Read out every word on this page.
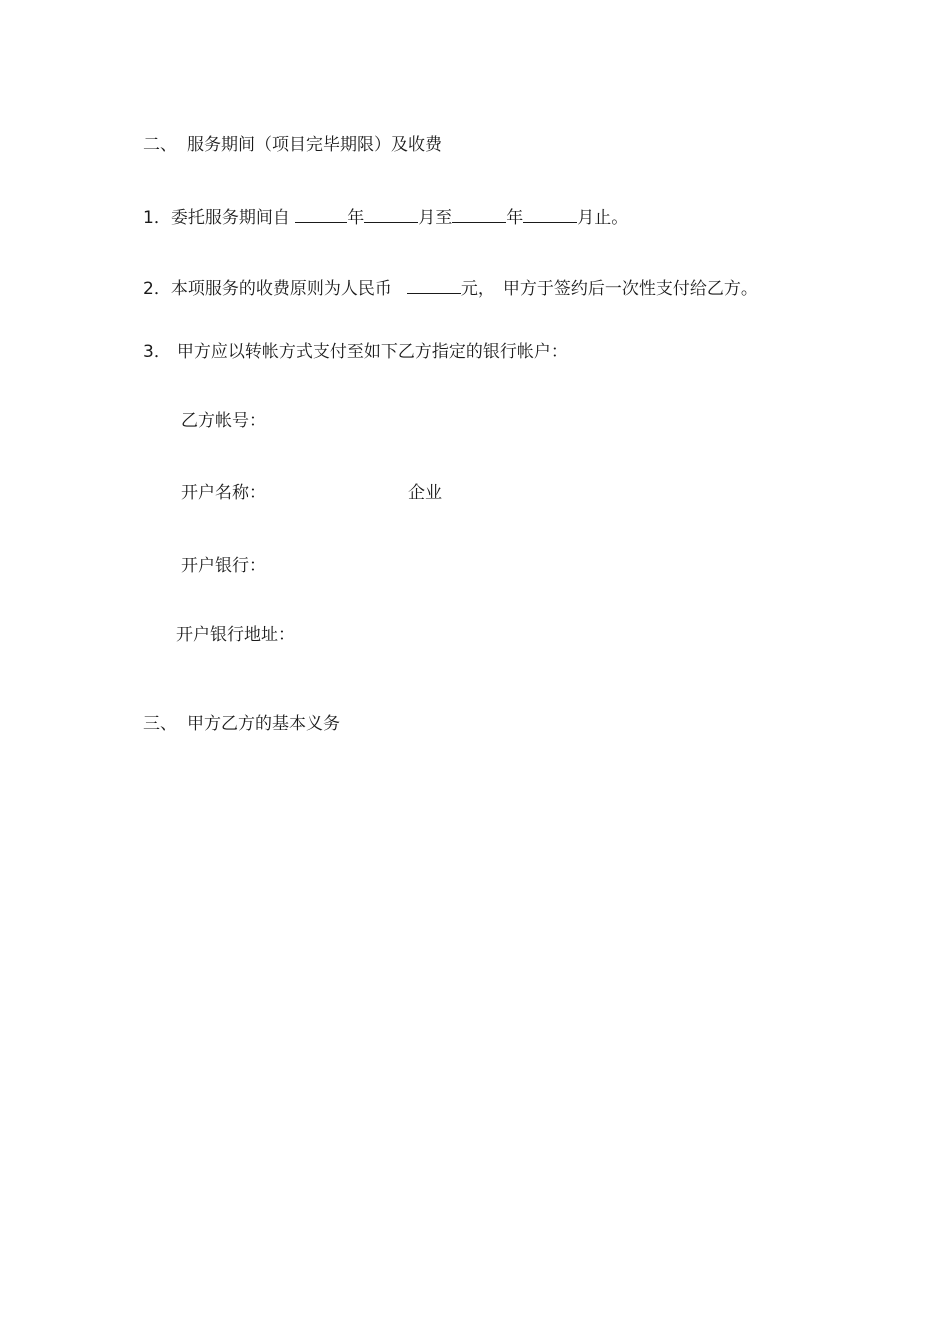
二、 服务期间（项目完毕期限）及收费
1．委托服务期间自	年	月至	年	月止。
2．本项服务的收费原则为人民币	元， 甲方于签约后一次性支付给乙方。
3． 甲方应以转帐方式支付至如下乙方指定的银行帐户：
乙方帐号：
开户名称：	企业
开户银行：
开户银行地址：
三、 甲方乙方的基本义务
